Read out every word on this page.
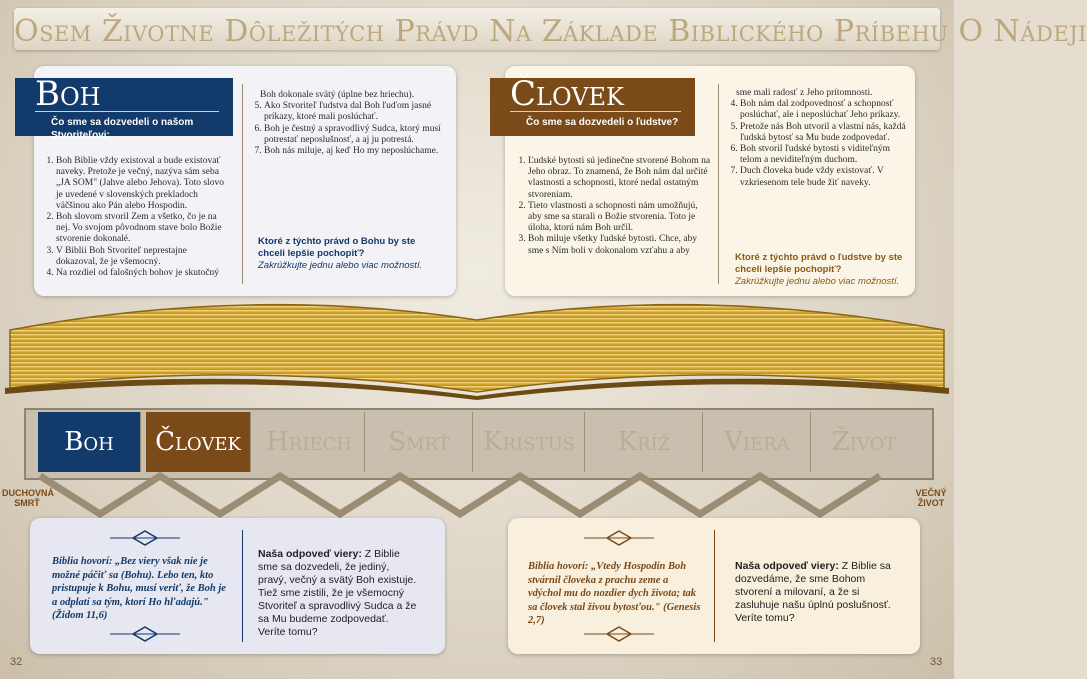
Osem Životne Dôležitých Právd Na Základe Biblického Príbehu O Nádeji
Boh
Čo sme sa dozvedeli o našom Stvoriteľovi:
1. Boh Biblie vždy existoval a bude existovať naveky. Pretože je večný, nazýva sám seba „JA SOM" (Jahve alebo Jehova). Toto slovo je uvedené v slovenských prekladoch väčšinou ako Pán alebo Hospodin.
2. Boh slovom stvoril Zem a všetko, čo je na nej. Vo svojom pôvodnom stave bolo Božie stvorenie dokonalé.
3. V Biblii Boh Stvoriteľ neprestajne dokazoval, že je všemocný.
4. Na rozdiel od falošných bohov je skutočný
Boh dokonale svätý (úplne bez hriechu).
5. Ako Stvoriteľ ľudstva dal Boh ľuďom jasné príkazy, ktoré mali poslúchať.
6. Boh je čestný a spravodlivý Sudca, ktorý musí potrestať neposlušnosť, a aj ju potrestá.
7. Boh nás miluje, aj keď Ho my neposlúchame.
Ktoré z týchto právd o Bohu by ste chceli lepšie pochopiť?
Zakrúžkujte jednu alebo viac možností.
Človek
Čo sme sa dozvedeli o ľudstve?
1. Ľudské bytosti sú jedinečne stvorené Bohom na Jeho obraz. To znamená, že Boh nám dal určité vlastnosti a schopnosti, ktoré nedal ostatným stvoreniam.
2. Tieto vlastnosti a schopnosti nám umožňujú, aby sme sa starali o Božie stvorenia. Toto je úloha, ktorú nám Boh určil.
3. Boh miluje všetky ľudské bytosti. Chce, aby sme s Ním boli v dokonalom vzťahu a aby
sme mali radosť z Jeho prítomnosti.
4. Boh nám dal zodpovednosť a schopnosť poslúchať, ale i neposlúchať Jeho príkazy.
5. Pretože nás Boh utvoril a vlastní nás, každá ľudská bytosť sa Mu bude zodpovedať.
6. Boh stvoril ľudské bytosti s viditeľným telom a neviditeľným duchom.
7. Duch človeka bude vždy existovať. V vzkriesenom tele bude žiť naveky.
Ktoré z týchto právd o ľudstve by ste chceli lepšie pochopiť?
Zakrúžkujte jednu alebo viac možností.
Boh	Človek Hriech	Smrť	Kristus	Kríž	Viera	Život
DUCHOVNÁ SMRŤ
VEČNÝ ŽIVOT
Biblia hovorí: „Bez viery však nie je možné páčiť sa (Bohu). Lebo ten, kto pristupuje k Bohu, musí veriť, že Boh je a odplatí sa tým, ktorí Ho hľadajú." (Židom 11,6)
Naša odpoveď viery: Z Biblie sme sa dozvedeli, že jediný, pravý, večný a svätý Boh existuje. Tiež sme zistili, že je všemocný Stvoriteľ a spravodlivý Sudca a že sa Mu budeme zodpovedať. Veríte tomu?
Biblia hovorí: „Vtedy Hospodin Boh stvárnil človeka z prachu zeme a vdýchol mu do nozdier dych života; tak sa človek stal živou bytosťou." (Genesis 2,7)
Naša odpoveď viery: Z Biblie sa dozvedáme, že sme Bohom stvorení a milovaní, a že si zasluhuje našu úplnú poslušnosť. Veríte tomu?
32	33
